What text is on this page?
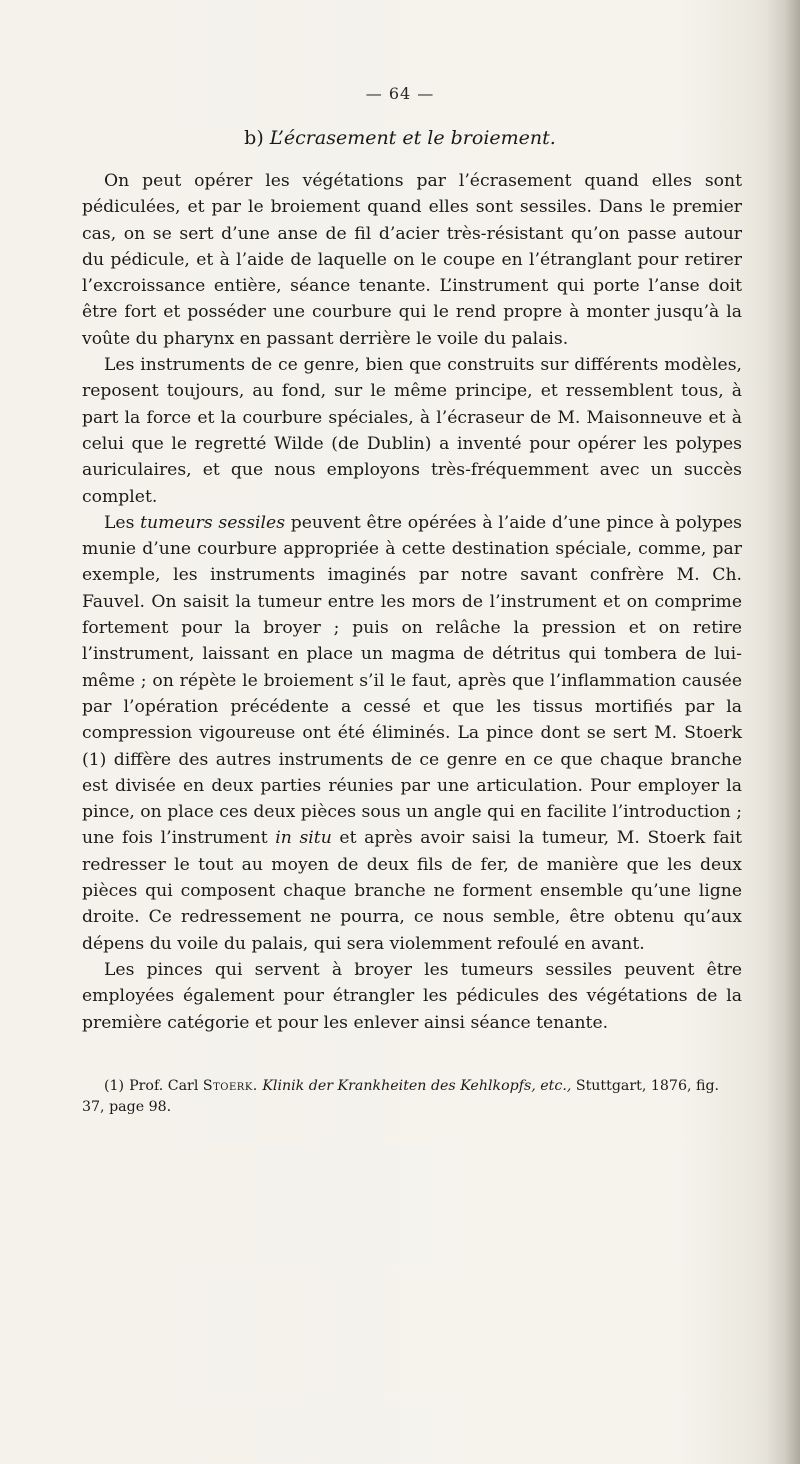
— 64 —
b) L’écrasement et le broiement.

On peut opérer les végétations par l’écrasement quand elles sont pédiculées, et par le broiement quand elles sont sessiles. Dans le premier cas, on se sert d’une anse de fil d’acier très-résistant qu’on passe autour du pédicule, et à l’aide de laquelle on le coupe en l’étranglant pour retirer l’excroissance entière, séance tenante. L’instrument qui porte l’anse doit être fort et posséder une courbure qui le rend propre à monter jusqu’à la voûte du pharynx en passant derrière le voile du palais.

Les instruments de ce genre, bien que construits sur différents modèles, reposent toujours, au fond, sur le même principe, et ressemblent tous, à part la force et la courbure spéciales, à l’écraseur de M. Maisonneuve et à celui que le regretté Wilde (de Dublin) a inventé pour opérer les polypes auriculaires, et que nous employons très-fréquemment avec un succès complet.

Les tumeurs sessiles peuvent être opérées à l’aide d’une pince à polypes munie d’une courbure appropriée à cette destination spéciale, comme, par exemple, les instruments imaginés par notre savant confrère M. Ch. Fauvel. On saisit la tumeur entre les mors de l’instrument et on comprime fortement pour la broyer ; puis on relâche la pression et on retire l’instrument, laissant en place un magma de détritus qui tombera de lui-même ; on répète le broiement s’il le faut, après que l’inflammation causée par l’opération précédente a cessé et que les tissus mortifiés par la compression vigoureuse ont été éliminés. La pince dont se sert M. Stoerk (1) diffère des autres instruments de ce genre en ce que chaque branche est divisée en deux parties réunies par une articulation. Pour employer la pince, on place ces deux pièces sous un angle qui en facilite l’introduction ; une fois l’instrument in situ et après avoir saisi la tumeur, M. Stoerk fait redresser le tout au moyen de deux fils de fer, de manière que les deux pièces qui composent chaque branche ne forment ensemble qu’une ligne droite. Ce redressement ne pourra, ce nous semble, être obtenu qu’aux dépens du voile du palais, qui sera violemment refoulé en avant.

Les pinces qui servent à broyer les tumeurs sessiles peuvent être employées également pour étrangler les pédicules des végétations de la première catégorie et pour les enlever ainsi séance tenante.

(1) Prof. Carl Stoerk. Klinik der Krankheiten des Kehlkopfs, etc., Stuttgart, 1876, fig. 37, page 98.
